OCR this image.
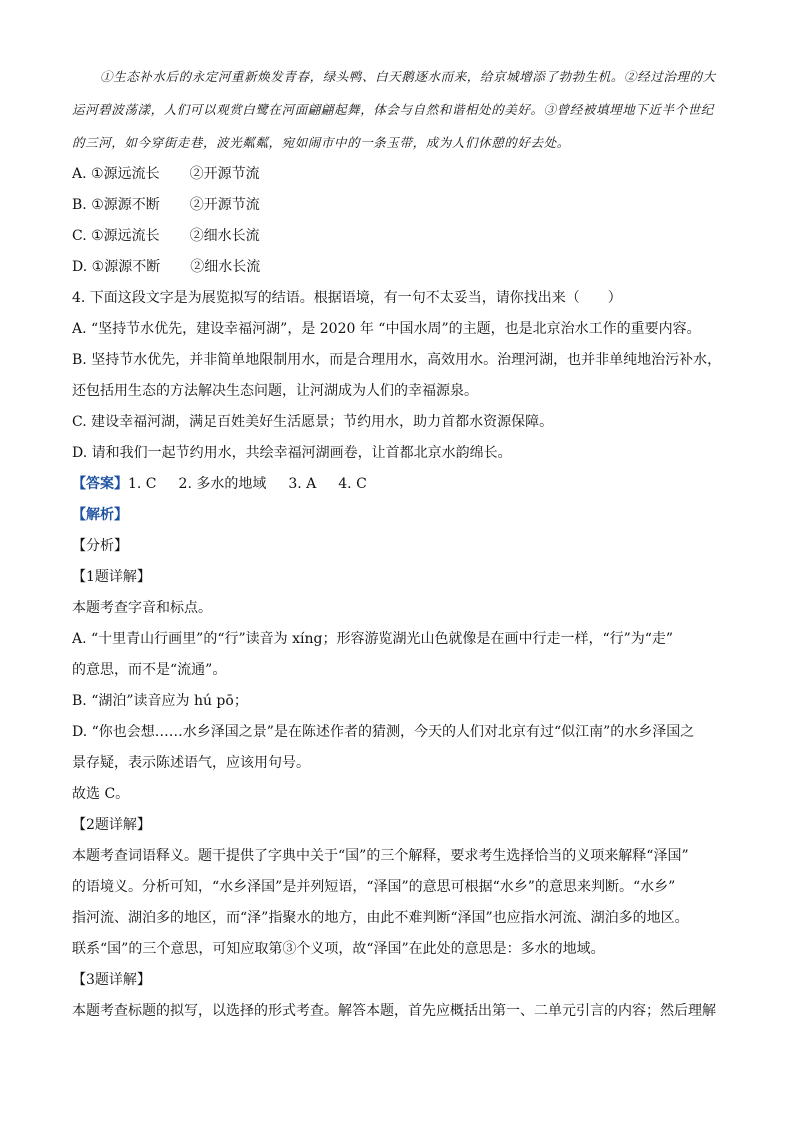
①生态补水后的永定河重新焕发青春，绿头鸭、白天鹅逐水而来，给京城增添了勃勃生机。②经过治理的大运河碧波荡漾，人们可以观赏白鹭在河面翩翩起舞，体会与自然和谐相处的美好。③曾经被填埋地下近半个世纪的三河，如今穿街走巷，波光粼粼，宛如闹市中的一条玉带，成为人们休憩的好去处。
A. ①源远流长 ②开源节流
B. ①源源不断 ②开源节流
C. ①源远流长 ②细水长流
D. ①源源不断 ②细水长流
4. 下面这段文字是为展览拟写的结语。根据语境，有一句不太妥当，请你找出来（　　）
A. “坚持节水优先，建设幸福河湖”，是 2020 年 “中国水周”的主题，也是北京治水工作的重要内容。
B. 坚持节水优先，并非简单地限制用水，而是合理用水，高效用水。治理河湖，也并非单纯地治污补水，
还包括用生态的方法解决生态问题，让河湖成为人们的幸福源泉。
C. 建设幸福河湖，满足百姓美好生活愿景；节约用水，助力首都水资源保障。
D. 请和我们一起节约用水，共绘幸福河湖画卷，让首都北京水韵绵长。
【答案】1. C 2. 多水的地域 3. A 4. C
【解析】
【分析】
【1题详解】
本题考查字音和标点。
A. “十里青山行画里”的“行”读音为 xíng；形容游览湖光山色就像是在画中行走一样，“行”为“走”
的意思，而不是“流通”。
B. “湖泊”读音应为 hú pō；
D. “你也会想……水乡泽国之景”是在陈述作者的猜测，今天的人们对北京有过“似江南”的水乡泽国之
景存疑，表示陈述语气，应该用句号。
故选 C。
【2题详解】
本题考查词语释义。题干提供了字典中关于“国”的三个解释，要求考生选择恰当的义项来解释“泽国”
的语境义。分析可知，“水乡泽国”是并列短语，“泽国”的意思可根据“水乡”的意思来判断。“水乡”
指河流、湖泊多的地区，而“泽”指聚水的地方，由此不难判断“泽国”也应指水河流、湖泊多的地区。
联系“国”的三个意思，可知应取第③个义项，故“泽国”在此处的意思是：多水的地域。
【3题详解】
本题考查标题的拟写，以选择的形式考查。解答本题，首先应概括出第一、二单元引言的内容；然后理解
